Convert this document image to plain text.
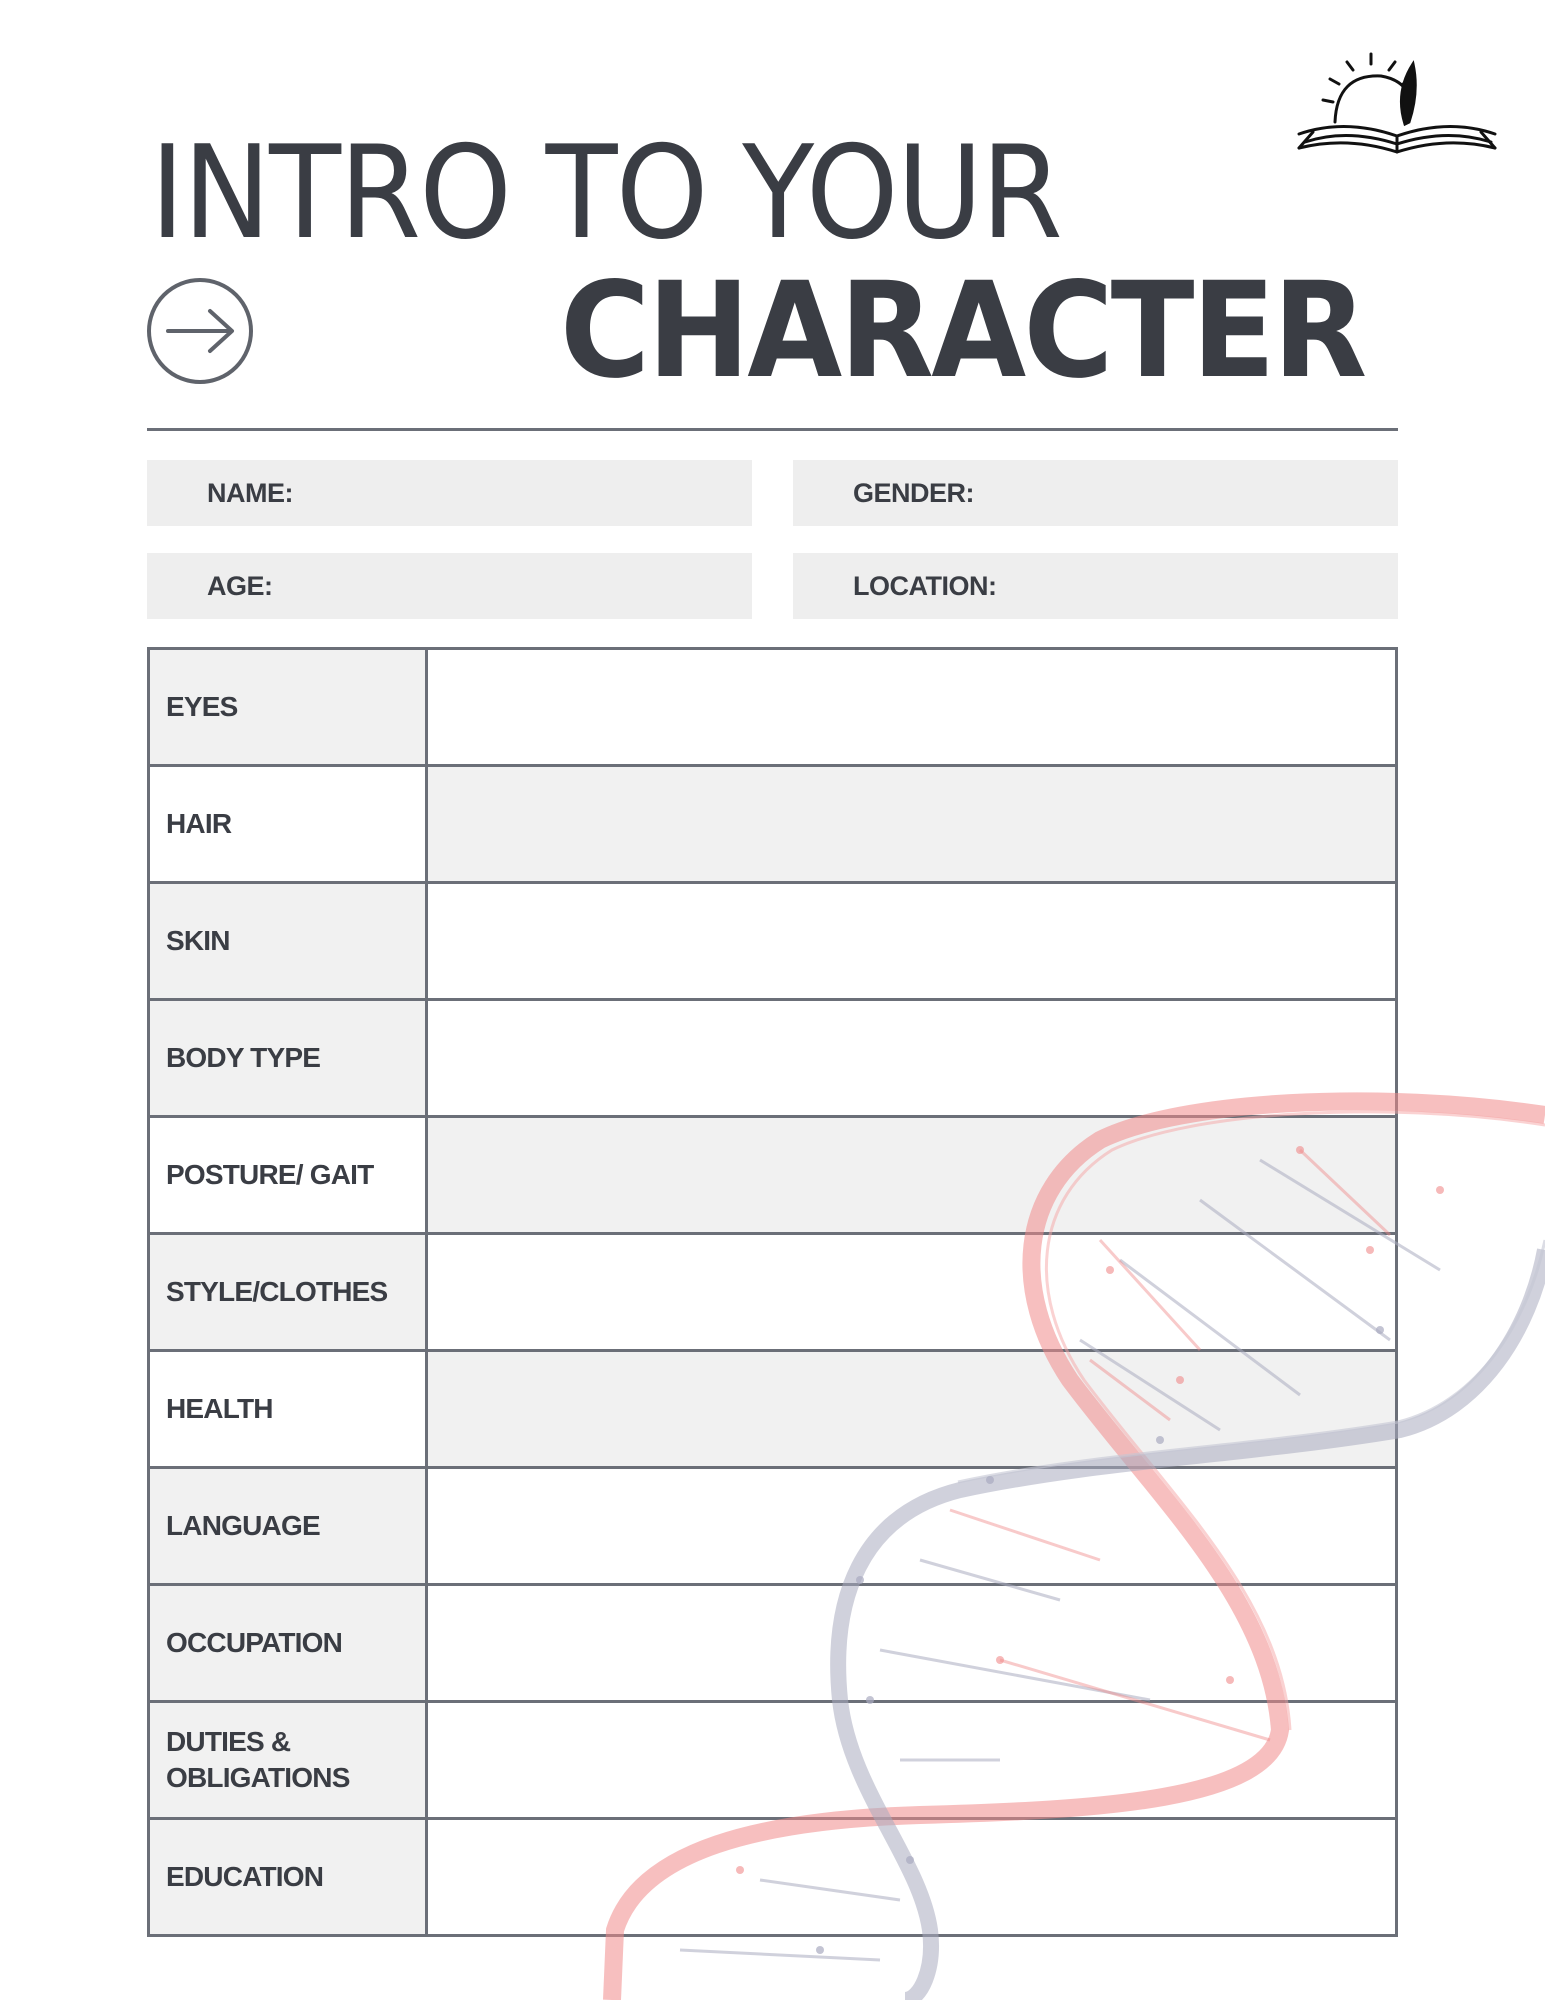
INTRO TO YOUR
CHARACTER
NAME:	GENDER:
AGE:	LOCATION:
EYES	
HAIR	
SKIN	
BODY TYPE	
POSTURE/ GAIT	
STYLE/CLOTHES	
HEALTH	
LANGUAGE	
OCCUPATION	
DUTIES & OBLIGATIONS	
EDUCATION	
